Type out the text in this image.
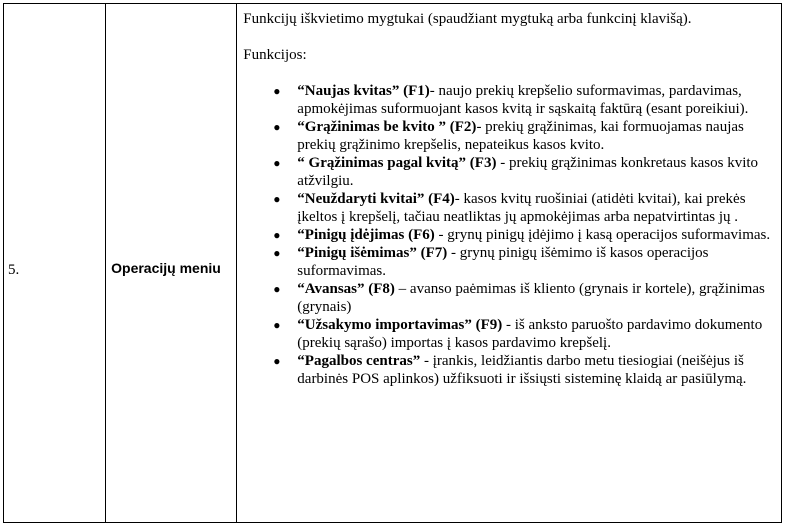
5.	Operacijų meniu	

Funkcijų iškvietimo mygtukai (spaudžiant mygtuką arba funkcinį klavišą).

Funkcijos:

● “Naujas kvitas” (F1)- naujo prekių krepšelio suformavimas, pardavimas, apmokėjimas suformuojant kasos kvitą ir sąskaitą faktūrą (esant poreikiui).
● “Grąžinimas be kvito ” (F2)- prekių grąžinimas, kai formuojamas naujas prekių grąžinimo krepšelis, nepateikus kasos kvito.
● “ Grąžinimas pagal kvitą” (F3) - prekių grąžinimas konkretaus kasos kvito atžvilgiu.
● “Neuždaryti kvitai” (F4)- kasos kvitų ruošiniai (atidėti kvitai), kai prekės įkeltos į krepšelį, tačiau neatliktas jų apmokėjimas arba nepatvirtintas jų .
● “Pinigų įdėjimas (F6) - grynų pinigų įdėjimo į kasą operacijos suformavimas.
● “Pinigų išėmimas” (F7) - grynų pinigų išėmimo iš kasos operacijos suformavimas.
● “Avansas” (F8) – avanso paėmimas iš kliento (grynais ir kortele), grąžinimas (grynais)
● “Užsakymo importavimas” (F9) - iš anksto paruošto pardavimo dokumento (prekių sąrašo) importas į kasos pardavimo krepšelį.
● “Pagalbos centras” - įrankis, leidžiantis darbo metu tiesiogiai (neišėjus iš darbinės POS aplinkos) užfiksuoti ir išsiųsti sisteminę klaidą ar pasiūlymą.
